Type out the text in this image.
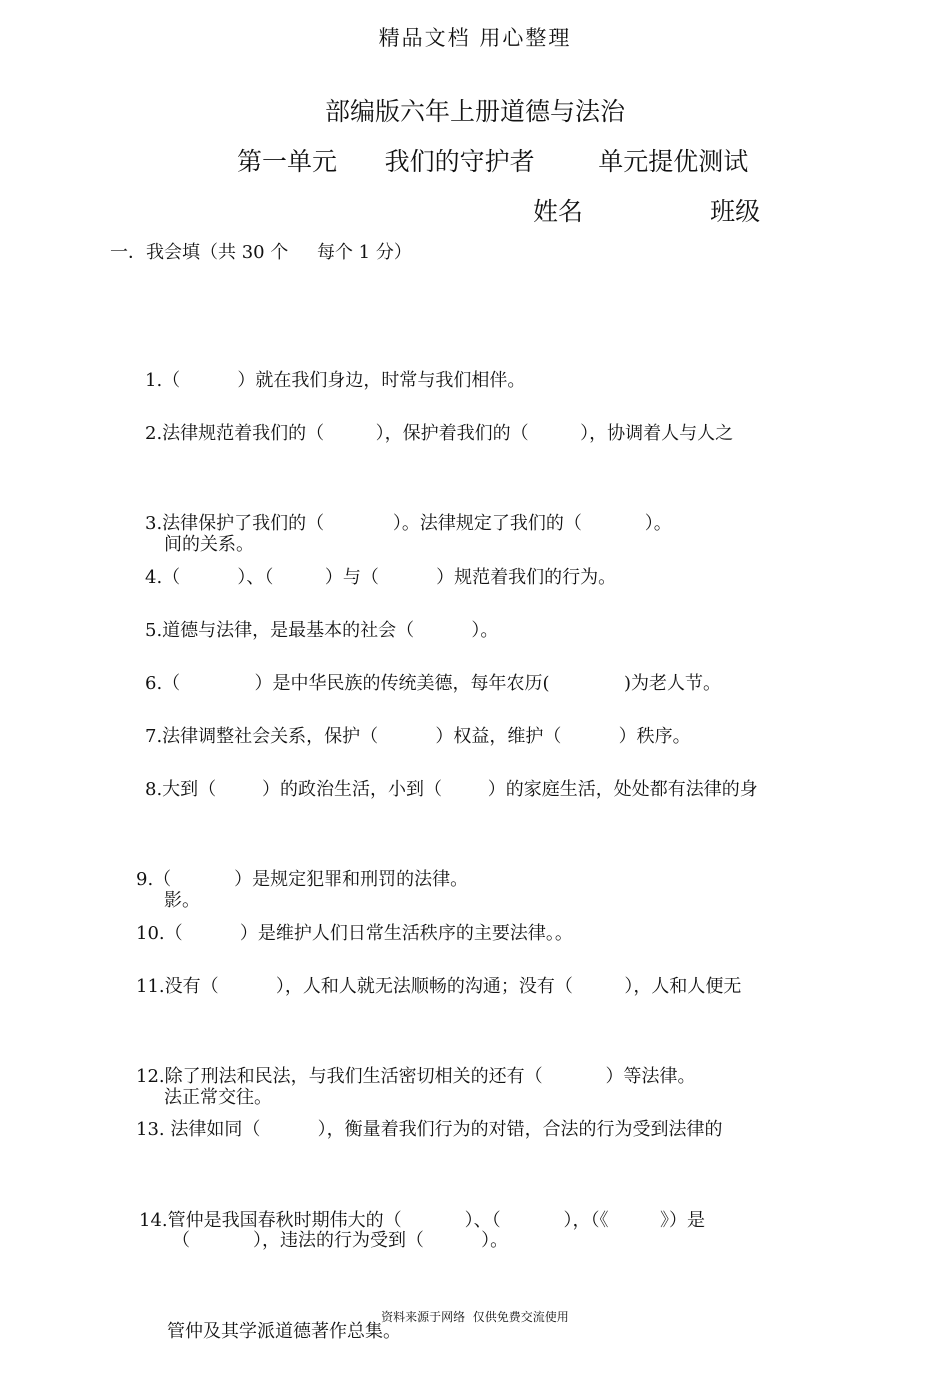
精品文档 用心整理
部编版六年上册道德与法治
第一单元      我们的守护者        单元提优测试
姓名                班级
一．我会填（共 30 个     每个 1 分）

1.（          ）就在我们身边，时常与我们相伴。

2.法律规范着我们的（         ），保护着我们的（         ），协调着人与人之

间的关系。

3.法律保护了我们的（            ）。法律规定了我们的（           ）。

4.（          ）、（         ）与（          ）规范着我们的行为。

5.道德与法律，是最基本的社会（          ）。

6.（             ）是中华民族的传统美德，每年农历(             )为老人节。

7.法律调整社会关系，保护（          ）权益，维护（          ）秩序。

8.大到（        ）的政治生活，小到（        ）的家庭生活，处处都有法律的身

影。

9.（           ）是规定犯罪和刑罚的法律。

10.（          ）是维护人们日常生活秩序的主要法律。。

11.没有（          ），人和人就无法顺畅的沟通；没有（         ），人和人便无

法正常交往。

12.除了刑法和民法，与我们生活密切相关的还有（           ）等法律。

13. 法律如同（          ），衡量着我们行为的对错，合法的行为受到法律的

（           ），违法的行为受到（          ）。

14.管仲是我国春秋时期伟大的（           ）、（           ），（《         》）是

管仲及其学派道德著作总集。

资料来源于网络  仅供免费交流使用
